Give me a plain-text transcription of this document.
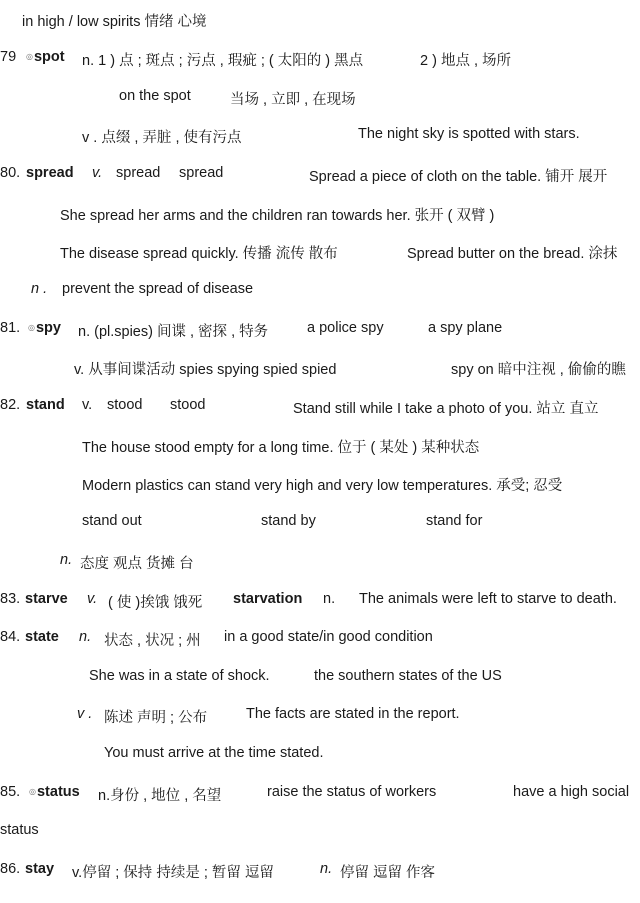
in high / low spirits 情绪 心境
79 ◎spot n. 1 ) 点 ; 斑点 ; 污点 , 瑕疵 ; ( 太阳的 ) 黑点	2 ) 地点 , 场所
on the spot	当场 , 立即 , 在现场
v . 点缀 , 弄脏 , 使有污点	The night sky is spotted with stars.
80. spread v. spread spread	Spread a piece of cloth on the table. 铺开 展开
She spread her arms and the children ran towards her. 张开 ( 双臂 )
The disease spread quickly. 传播 流传 散布	Spread butter on the bread. 涂抹
n . prevent the spread of disease
81. ◎spy n. (pl.spies) 间谍 , 密探 , 特务	a police spy	a spy plane
v. 从事间谍活动 spies spying spied spied	spy on 暗中注视 , 偷偷的瞧
82. stand v. stood stood	Stand still while I take a photo of you. 站立 直立
The house stood empty for a long time. 位于 ( 某处 ) 某种状态
Modern plastics can stand very high and very low temperatures. 承受; 忍受
stand out	stand by	stand for
n. 态度 观点 货摊 台
83. starve v. ( 使 )挨饿 饿死 starvation n. The animals were left to starve to death.
84. state n. 状态 , 状况 ; 州 in a good state/in good condition
She was in a state of shock.	the southern states of the US
v . 陈述 声明 ; 公布	The facts are stated in the report.
You must arrive at the time stated.
85. ◎status n.身份 , 地位 , 名望	raise the status of workers	have a high social
status
86. stay v.停留 ; 保持 持续是 ; 暂留 逗留	n. 停留 逗留 作客
